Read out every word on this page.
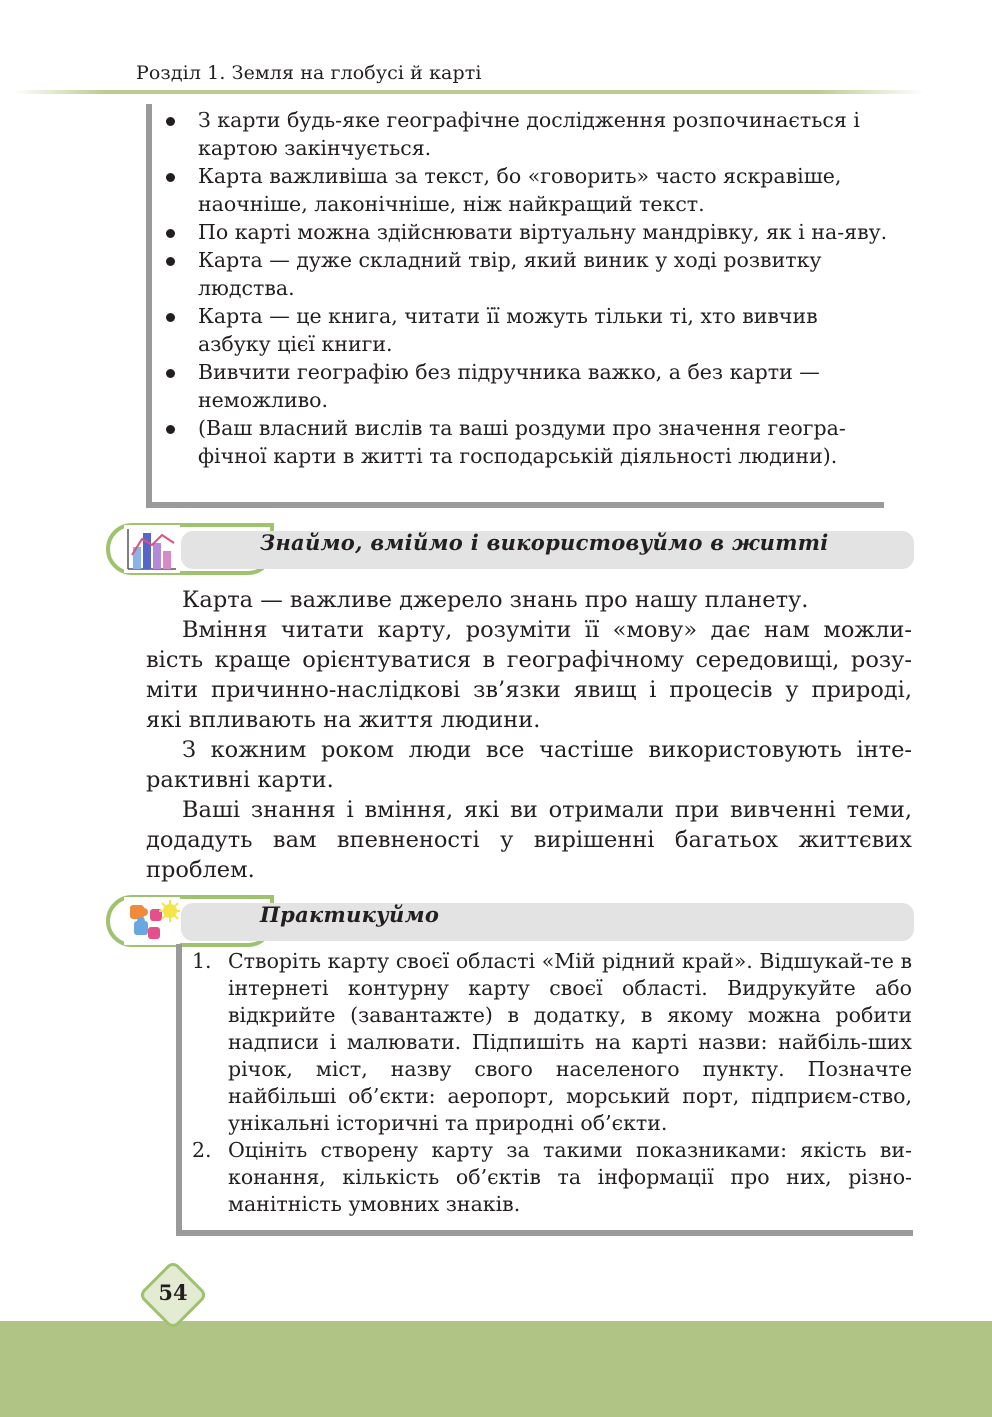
Розділ 1. Земля на глобусі й карті
З карти будь-яке географічне дослідження розпочинається і картою закінчується.
Карта важливіша за текст, бо «говорить» часто яскравіше, наочніше, лаконічніше, ніж найкращий текст.
По карті можна здійснювати віртуальну мандрівку, як і на-яву.
Карта — дуже складний твір, який виник у ході розвитку людства.
Карта — це книга, читати її можуть тільки ті, хто вивчив азбуку цієї книги.
Вивчити географію без підручника важко, а без карти — неможливо.
(Ваш власний вислів та ваші роздуми про значення геогра-фічної карти в житті та господарській діяльності людини).
Знаймо, вміймо і використовуймо в житті

Карта — важливе джерело знань про нашу планету.

Вміння читати карту, розуміти її «мову» дає нам можли-вість краще орієнтуватися в географічному середовищі, розу-міти причинно-наслідкові зв’язки явищ і процесів у природі, які впливають на життя людини.

З кожним роком люди все частіше використовують інте-рактивні карти.

Ваші знання і вміння, які ви отримали при вивченні теми, додадуть вам впевненості у вирішенні багатьох життєвих проблем.

Практикуймо
1. Створіть карту своєї області «Мій рідний край». Відшукай-те в інтернеті контурну карту своєї області. Видрукуйте або відкрийте (завантажте) в додатку, в якому можна робити надписи і малювати. Підпишіть на карті назви: найбіль-ших річок, міст, назву свого населеного пункту. Позначте найбільші об’єкти: аеропорт, морський порт, підприєм-ство, унікальні історичні та природні об’єкти.
2. Оцініть створену карту за такими показниками: якість ви-конання, кількість об’єктів та інформації про них, різно-манітність умовних знаків.
54
